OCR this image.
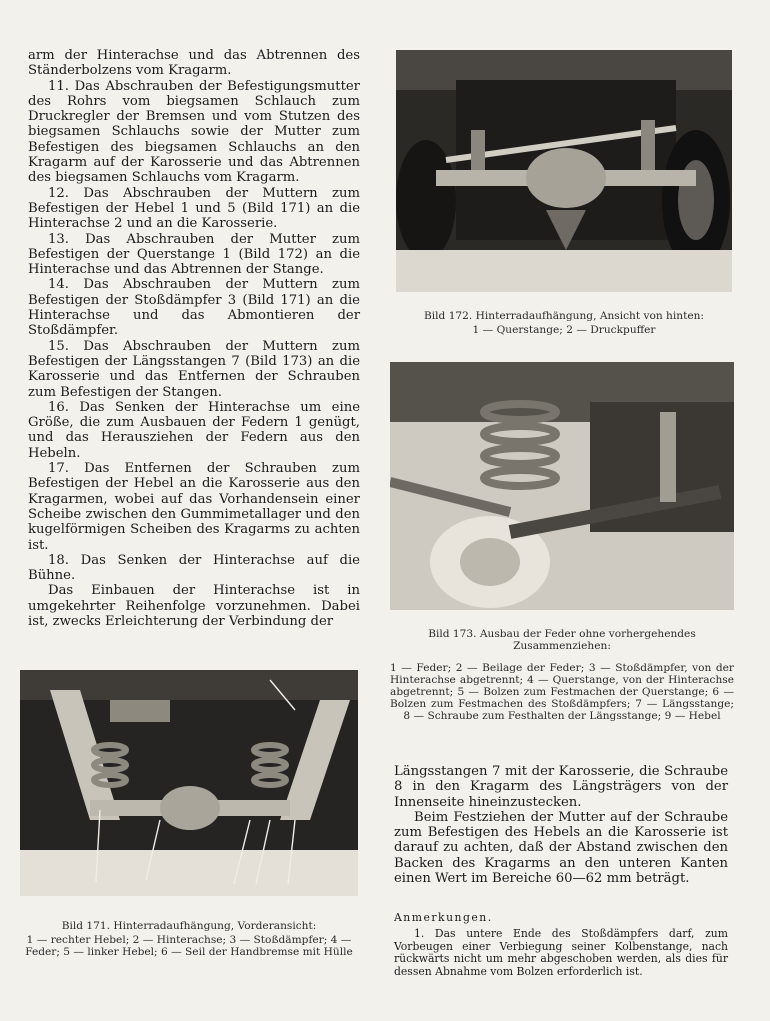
arm der Hinterachse und das Abtrennen des Ständerbolzens vom Kragarm.

11. Das Abschrauben der Befestigungsmutter des Rohrs vom biegsamen Schlauch zum Druckregler der Bremsen und vom Stutzen des biegsamen Schlauchs sowie der Mutter zum Befestigen des biegsamen Schlauchs an den Kragarm auf der Karosserie und das Abtrennen des biegsamen Schlauchs vom Kragarm.

12. Das Abschrauben der Muttern zum Befestigen der Hebel 1 und 5 (Bild 171) an die Hinterachse 2 und an die Karosserie.

13. Das Abschrauben der Mutter zum Befestigen der Querstange 1 (Bild 172) an die Hinterachse und das Abtrennen der Stange.

14. Das Abschrauben der Muttern zum Befestigen der Stoßdämpfer 3 (Bild 171) an die Hinterachse und das Abmontieren der Stoßdämpfer.

15. Das Abschrauben der Muttern zum Befestigen der Längsstangen 7 (Bild 173) an die Karosserie und das Entfernen der Schrauben zum Befestigen der Stangen.

16. Das Senken der Hinterachse um eine Größe, die zum Ausbauen der Federn 1 genügt, und das Herausziehen der Federn aus den Hebeln.

17. Das Entfernen der Schrauben zum Befestigen der Hebel an die Karosserie aus den Kragarmen, wobei auf das Vorhandensein einer Scheibe zwischen den Gummimetallager und den kugelförmigen Scheiben des Kragarms zu achten ist.

18. Das Senken der Hinterachse auf die Bühne.

Das Einbauen der Hinterachse ist in umgekehrter Reihenfolge vorzunehmen. Dabei ist, zwecks Erleichterung der Verbindung der

Bild 172. Hinterradaufhängung, Ansicht von hinten:
1 — Querstange; 2 — Druckpuffer
Bild 173. Ausbau der Feder ohne vorhergehendes Zusammenziehen:
1 — Feder; 2 — Beilage der Feder; 3 — Stoßdämpfer, von der Hinterachse abgetrennt; 4 — Querstange, von der Hinterachse abgetrennt; 5 — Bolzen zum Festmachen der Querstange; 6 — Bolzen zum Festmachen des Stoßdämpfers; 7 — Längsstange; 8 — Schraube zum Festhalten der Längsstange; 9 — Hebel

Längsstangen 7 mit der Karosserie, die Schraube 8 in den Kragarm des Längsträgers von der Innenseite hineinzustecken.

Beim Festziehen der Mutter auf der Schraube zum Befestigen des Hebels an die Karosserie ist darauf zu achten, daß der Abstand zwischen den Backen des Kragarms an den unteren Kanten einen Wert im Bereiche 60—62 mm beträgt.

Anmerkungen.

1. Das untere Ende des Stoßdämpfers darf, zum Vorbeugen einer Verbiegung seiner Kolbenstange, nach rückwärts nicht um mehr abgeschoben werden, als dies für dessen Abnahme vom Bolzen erforderlich ist.

Bild 171. Hinterradaufhängung, Vorderansicht:
1 — rechter Hebel; 2 — Hinterachse; 3 — Stoßdämpfer; 4 — Feder; 5 — linker Hebel; 6 — Seil der Handbremse mit Hülle
